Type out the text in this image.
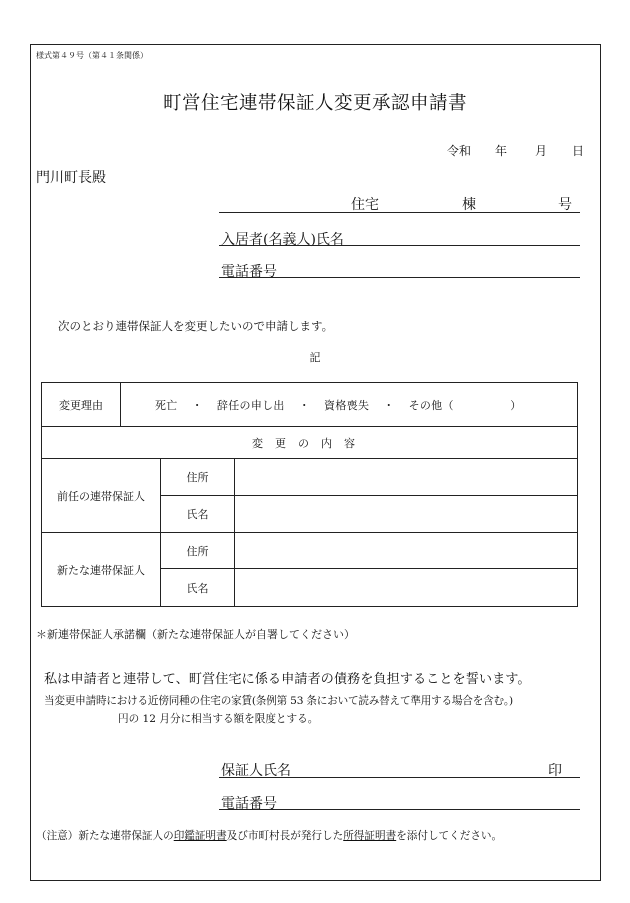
様式第４９号（第４１条関係）
町営住宅連帯保証人変更承認申請書
令和 年 月 日
門川町長殿
住宅	棟	号
入居者(名義人)氏名
電話番号
次のとおり連帯保証人を変更したいので申請します。
記
変更理由	死亡 ・ 辞任の申し出 ・ 資格喪失 ・ その他（　　　　　）		
変更の内容			
前任の連帯保証人		住所	
		氏名	
新たな連帯保証人		住所	
		氏名	
＊新連帯保証人承諾欄（新たな連帯保証人が自署してください）
私は申請者と連帯して、町営住宅に係る申請者の債務を負担することを誓います。
当変更申請時における近傍同種の住宅の家賃(条例第 53 条において読み替えて準用する場合を含む。)
円の 12 月分に相当する額を限度とする。
保証人氏名	印
電話番号
（注意）新たな連帯保証人の印鑑証明書及び市町村長が発行した所得証明書を添付してください。
